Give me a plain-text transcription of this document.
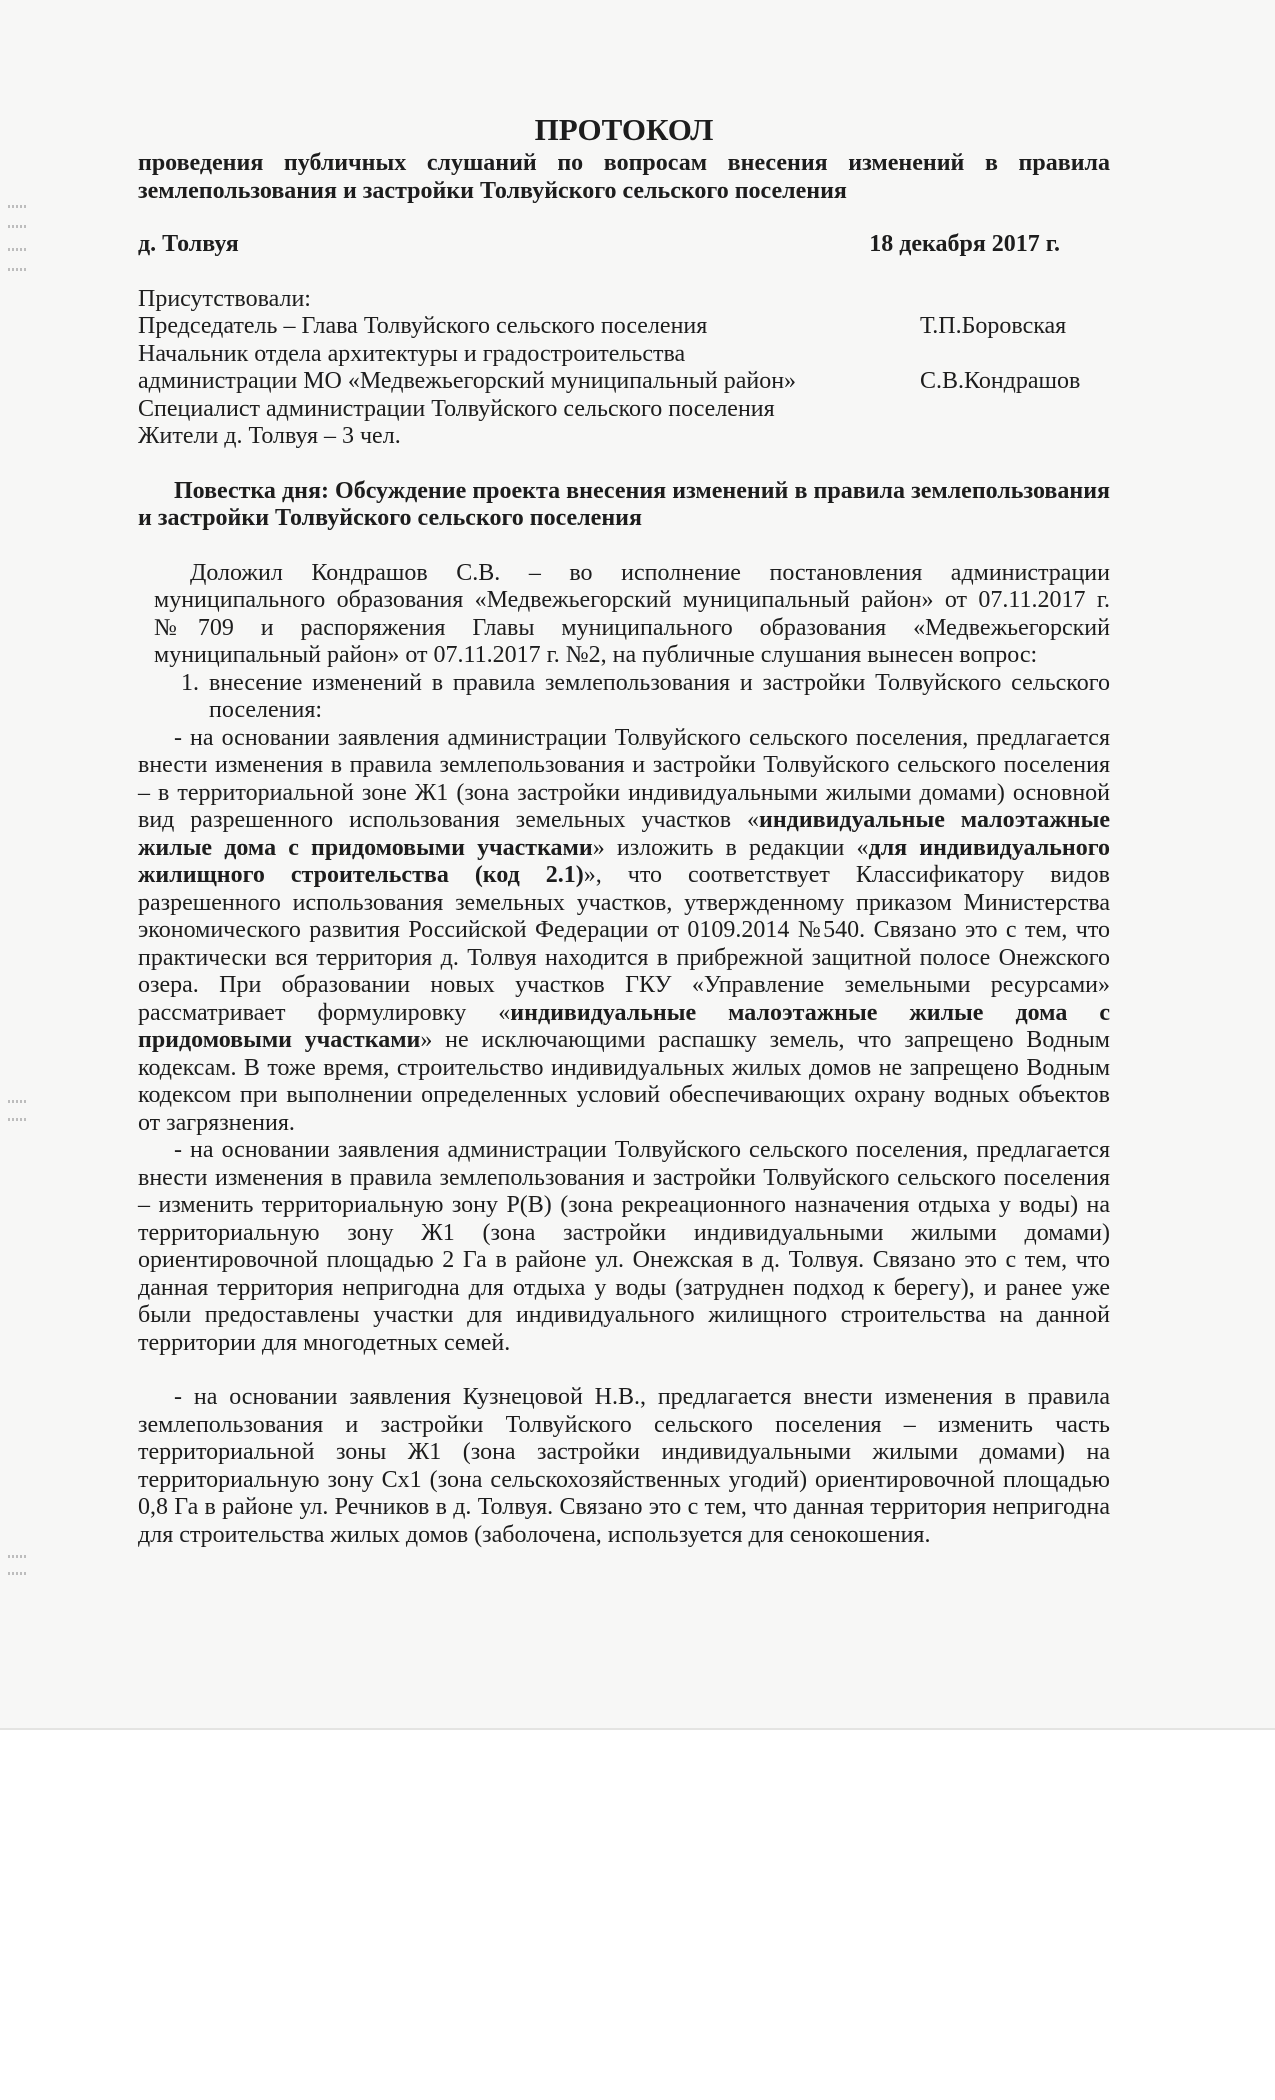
ПРОТОКОЛ
проведения публичных слушаний по вопросам внесения изменений в правила землепользования и застройки Толвуйского сельского поселения
д. Толвуя	18 декабря 2017 г.
Присутствовали:
Председатель – Глава Толвуйского сельского поселения	Т.П.Боровская
Начальник отдела архитектуры и градостроительства
администрации МО «Медвежьегорский муниципальный район»	С.В.Кондрашов
Специалист администрации Толвуйского сельского поселения
Жители д. Толвуя – 3 чел.
Повестка дня: Обсуждение проекта внесения изменений в правила землепользования и застройки Толвуйского сельского поселения
Доложил Кондрашов С.В. – во исполнение постановления администрации муниципального образования «Медвежьегорский муниципальный район» от 07.11.2017 г. №709 и распоряжения Главы муниципального образования «Медвежьегорский муниципальный район» от 07.11.2017 г. №2, на публичные слушания вынесен вопрос:
1. внесение изменений в правила землепользования и застройки Толвуйского сельского поселения:
- на основании заявления администрации Толвуйского сельского поселения, предлагается внести изменения в правила землепользования и застройки Толвуйского сельского поселения – в территориальной зоне Ж1 (зона застройки индивидуальными жилыми домами) основной вид разрешенного использования земельных участков «индивидуальные малоэтажные жилые дома с придомовыми участками» изложить в редакции «для индивидуального жилищного строительства (код 2.1)», что соответствует Классификатору видов разрешенного использования земельных участков, утвержденному приказом Министерства экономического развития Российской Федерации от 0109.2014 №540. Связано это с тем, что практически вся территория д. Толвуя находится в прибрежной защитной полосе Онежского озера. При образовании новых участков ГКУ «Управление земельными ресурсами» рассматривает формулировку «индивидуальные малоэтажные жилые дома с придомовыми участками» не исключающими распашку земель, что запрещено Водным кодексам. В тоже время, строительство индивидуальных жилых домов не запрещено Водным кодексом при выполнении определенных условий обеспечивающих охрану водных объектов от загрязнения.
- на основании заявления администрации Толвуйского сельского поселения, предлагается внести изменения в правила землепользования и застройки Толвуйского сельского поселения – изменить территориальную зону Р(В) (зона рекреационного назначения отдыха у воды) на территориальную зону Ж1 (зона застройки индивидуальными жилыми домами) ориентировочной площадью 2 Га в районе ул. Онежская в д. Толвуя. Связано это с тем, что данная территория непригодна для отдыха у воды (затруднен подход к берегу), и ранее уже были предоставлены участки для индивидуального жилищного строительства на данной территории для многодетных семей.
- на основании заявления Кузнецовой Н.В., предлагается внести изменения в правила землепользования и застройки Толвуйского сельского поселения – изменить часть территориальной зоны Ж1 (зона застройки индивидуальными жилыми домами) на территориальную зону Сх1 (зона сельскохозяйственных угодий) ориентировочной площадью 0,8 Га в районе ул. Речников в д. Толвуя. Связано это с тем, что данная территория непригодна для строительства жилых домов (заболочена, используется для сенокошения.
